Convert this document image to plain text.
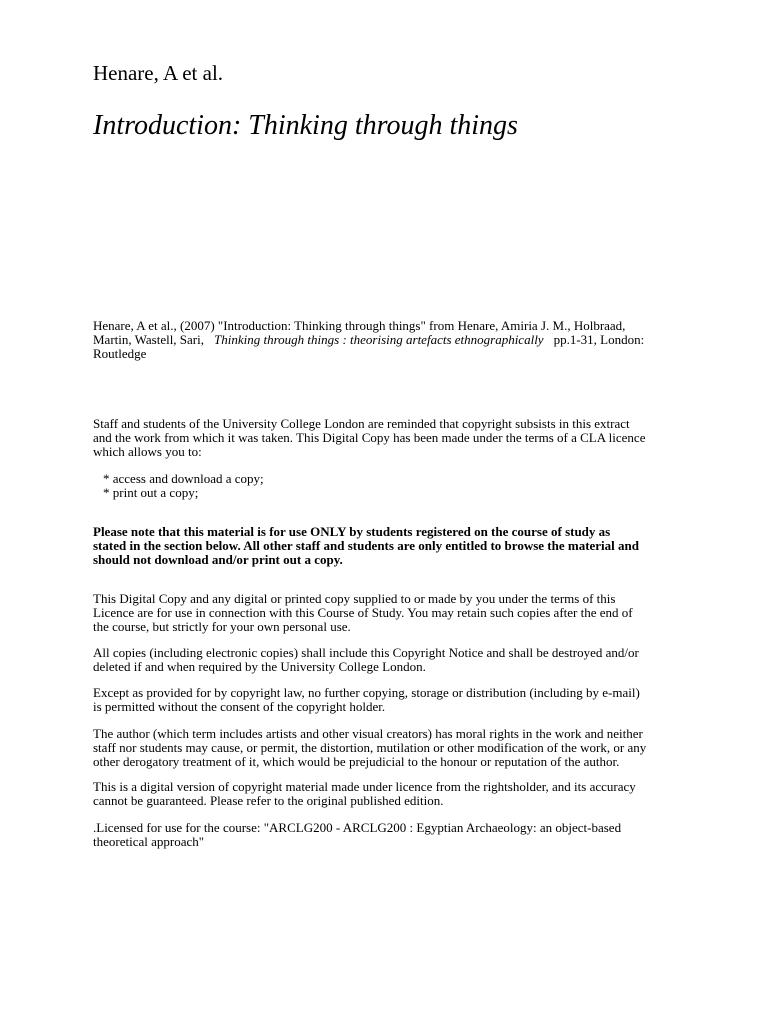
Henare, A et al.
Introduction: Thinking through things

Henare, A et al., (2007) "Introduction: Thinking through things" from Henare, Amiria J. M., Holbraad,

Martin, Wastell, Sari, Thinking through things : theorising artefacts ethnographically pp.1-31, London:

Routledge

Staff and students of the University College London are reminded that copyright subsists in this extract

and the work from which it was taken. This Digital Copy has been made under the terms of a CLA licence

which allows you to:

* access and download a copy;

* print out a copy;

Please note that this material is for use ONLY by students registered on the course of study as

stated in the section below. All other staff and students are only entitled to browse the material and

should not download and/or print out a copy.

This Digital Copy and any digital or printed copy supplied to or made by you under the terms of this

Licence are for use in connection with this Course of Study. You may retain such copies after the end of

the course, but strictly for your own personal use.

All copies (including electronic copies) shall include this Copyright Notice and shall be destroyed and/or

deleted if and when required by the University College London.

Except as provided for by copyright law, no further copying, storage or distribution (including by e-mail)

is permitted without the consent of the copyright holder.

The author (which term includes artists and other visual creators) has moral rights in the work and neither

staff nor students may cause, or permit, the distortion, mutilation or other modification of the work, or any

other derogatory treatment of it, which would be prejudicial to the honour or reputation of the author.

This is a digital version of copyright material made under licence from the rightsholder, and its accuracy

cannot be guaranteed. Please refer to the original published edition.

.Licensed for use for the course: "ARCLG200 - ARCLG200 : Egyptian Archaeology: an object-based

theoretical approach"
